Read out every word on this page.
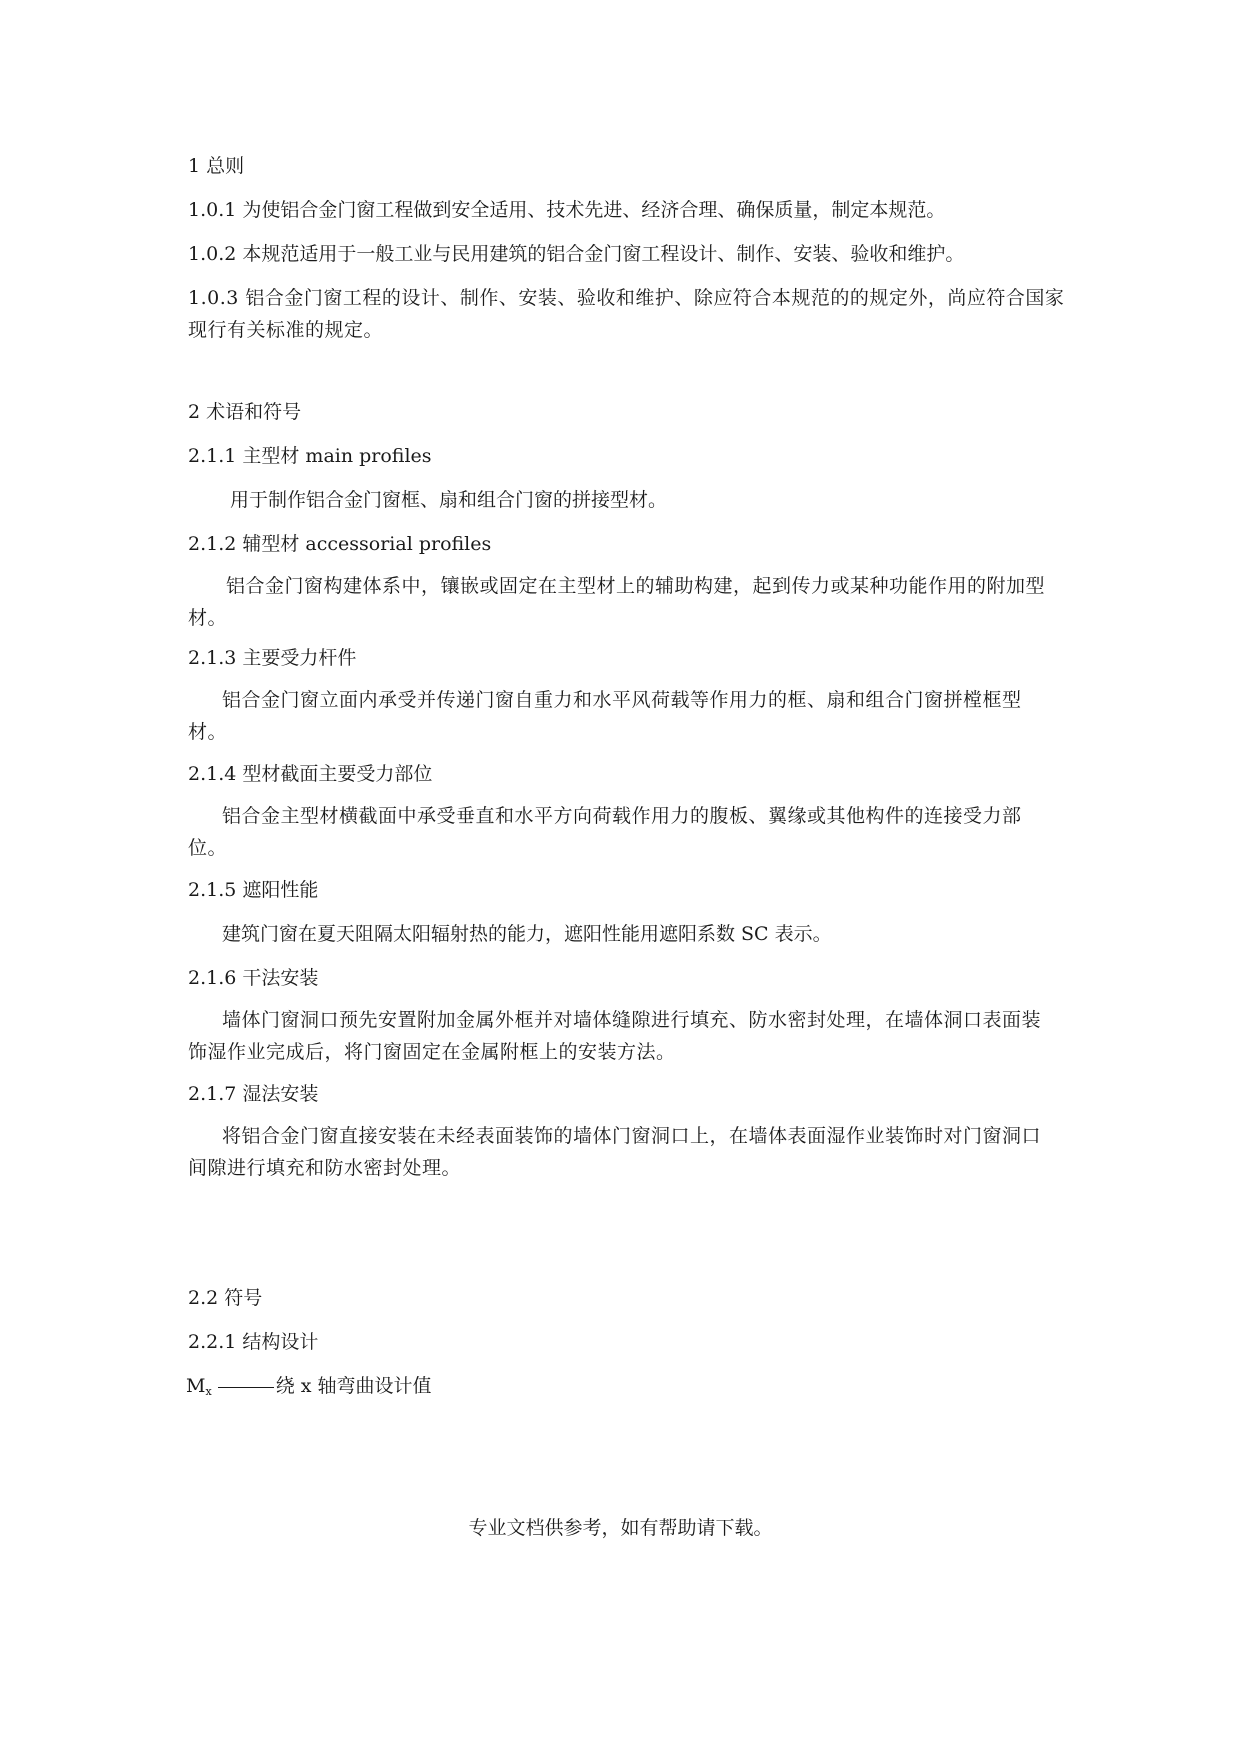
1 总则
1.0.1 为使铝合金门窗工程做到安全适用、技术先进、经济合理、确保质量，制定本规范。
1.0.2 本规范适用于一般工业与民用建筑的铝合金门窗工程设计、制作、安装、验收和维护。
1.0.3 铝合金门窗工程的设计、制作、安装、验收和维护、除应符合本规范的的规定外，尚应符合国家现行有关标准的规定。
2 术语和符号
2.1.1 主型材 main profiles
用于制作铝合金门窗框、扇和组合门窗的拼接型材。
2.1.2 辅型材 accessorial profiles
铝合金门窗构建体系中，镶嵌或固定在主型材上的辅助构建，起到传力或某种功能作用的附加型材。
2.1.3 主要受力杆件
铝合金门窗立面内承受并传递门窗自重力和水平风荷载等作用力的框、扇和组合门窗拼樘框型材。
2.1.4 型材截面主要受力部位
铝合金主型材横截面中承受垂直和水平方向荷载作用力的腹板、翼缘或其他构件的连接受力部位。
2.1.5 遮阳性能
建筑门窗在夏天阻隔太阳辐射热的能力，遮阳性能用遮阳系数 SC 表示。
2.1.6 干法安装
墙体门窗洞口预先安置附加金属外框并对墙体缝隙进行填充、防水密封处理，在墙体洞口表面装饰湿作业完成后，将门窗固定在金属附框上的安装方法。
2.1.7 湿法安装
将铝合金门窗直接安装在未经表面装饰的墙体门窗洞口上，在墙体表面湿作业装饰时对门窗洞口间隙进行填充和防水密封处理。
2.2 符号
2.2.1 结构设计
$M_x$	绕 x 轴弯曲设计值
专业文档供参考，如有帮助请下载。
